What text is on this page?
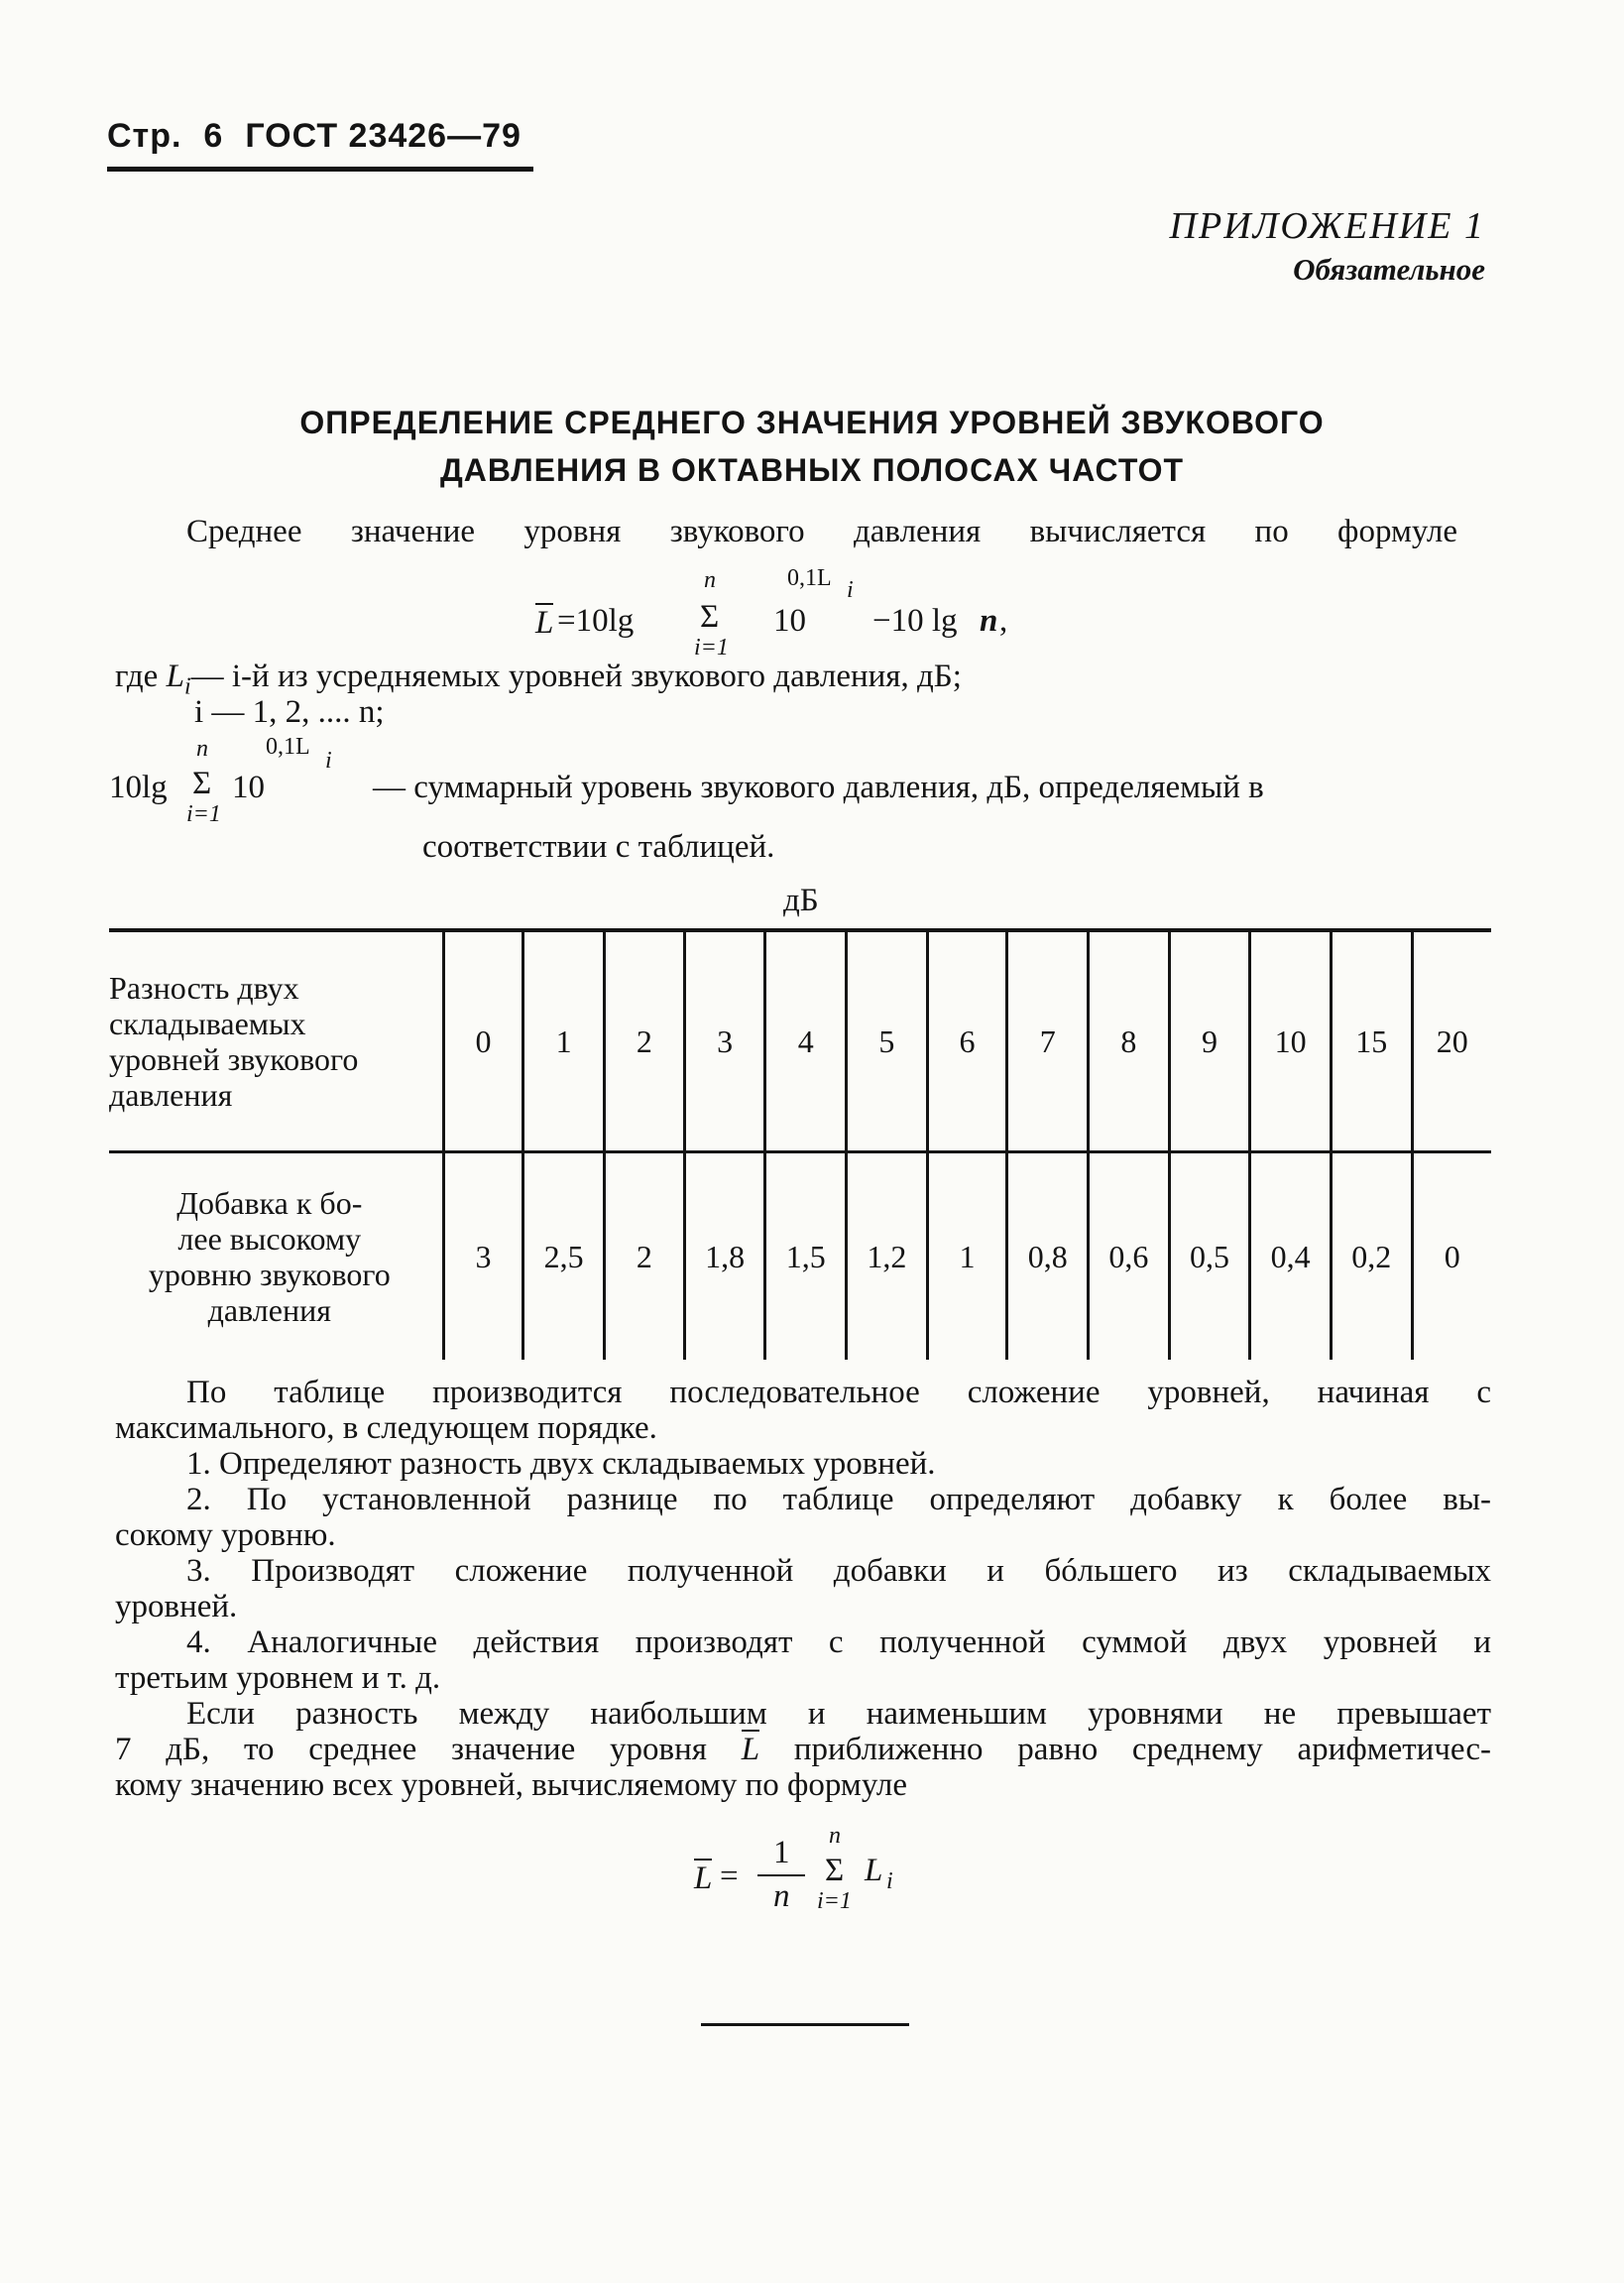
Стр. 6 ГОСТ 23426—79
ПРИЛОЖЕНИЕ 1
Обязательное
ОПРЕДЕЛЕНИЕ СРЕДНЕГО ЗНАЧЕНИЯ УРОВНЕЙ ЗВУКОВОГО
ДАВЛЕНИЯ В ОКТАВНЫХ ПОЛОСАХ ЧАСТОТ
Среднее значение уровня звукового давления вычисляется по формуле
L =10lg
n
Σ
i=1
10
0,1L i
−10 lg n ,
где $L_i—$ i-й из усредняемых уровней звукового давления, дБ;
i — 1, 2, .... n;
10lg
n
Σ
i=1
10
0,1L
i
— суммарный уровень звукового давления, дБ, определяемый в
соответствии с таблицей.
дБ
Разность двух
складываемых
уровней звукового
давления	0	1	2	3	4	5	6	7	8	9	10	15	20

Добавка к бо-
лее высокому
уровню звукового
давления	3	2,5	2	1,8	1,5	1,2	1	0,8	0,6	0,5	0,4	0,2	0

По таблице производится последовательное сложение уровней, начиная с

максимального, в следующем порядке.

1. Определяют разность двух складываемых уровней.

2. По установленной разнице по таблице определяют добавку к более вы-

сокому уровню.

3. Производят сложение полученной добавки и бóльшего из складываемых

уровней.

4. Аналогичные действия производят с полученной суммой двух уровней и

третьим уровнем и т. д.

Если разность между наибольшим и наименьшим уровнями не превышает

7 дБ, то среднее значение уровня L приближенно равно среднему арифметичес-

кому значению всех уровней, вычисляемому по формуле

L =
1
n
n
Σ
i=1
L i
